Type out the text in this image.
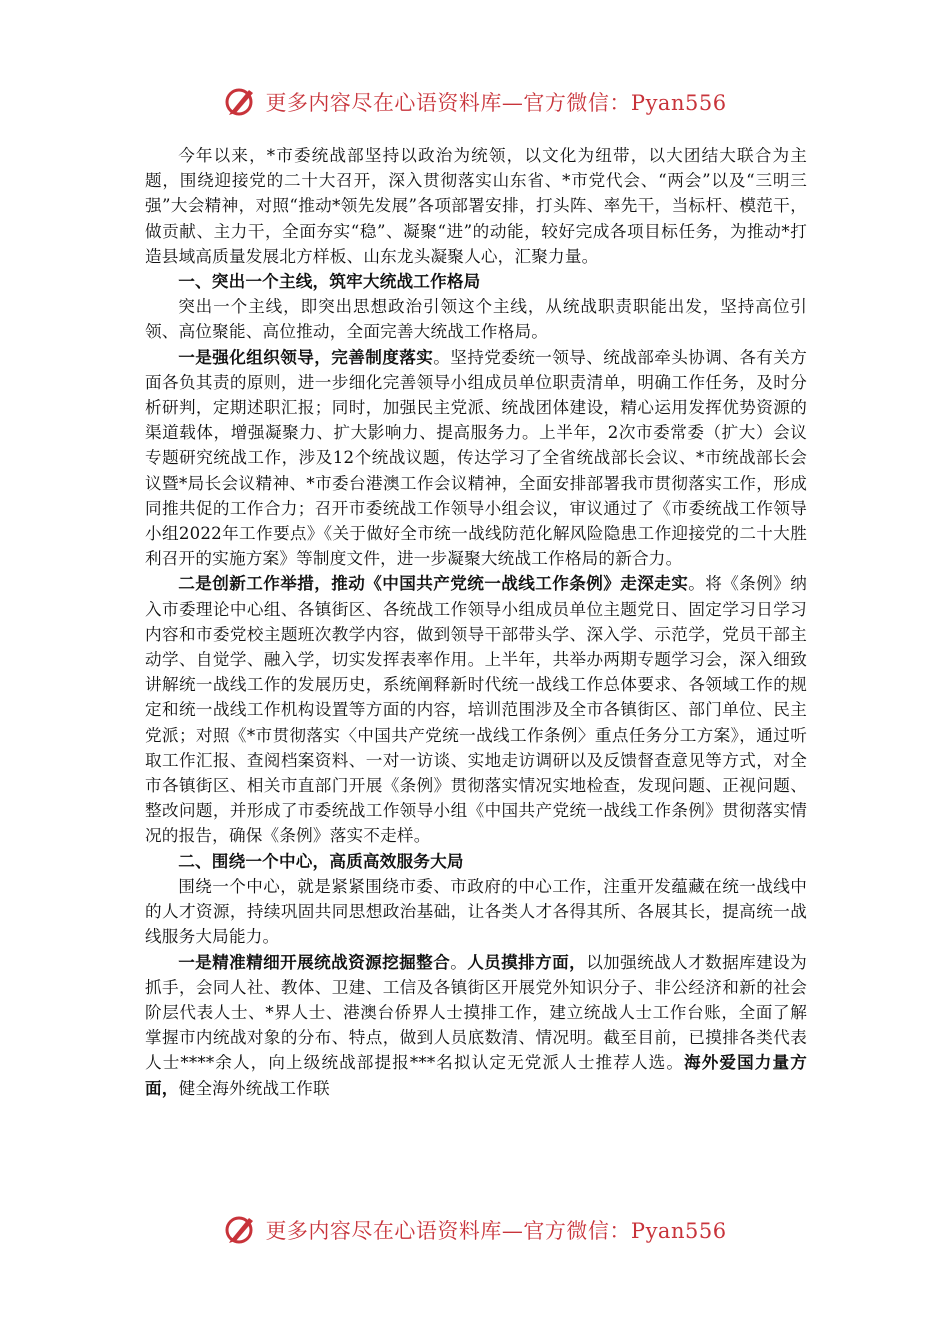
更多内容尽在心语资料库—官方微信：Pyan556

今年以来，*市委统战部坚持以政治为统领，以文化为纽带，以大团结大联合为主题，围绕迎接党的二十大召开，深入贯彻落实山东省、*市党代会、“两会”以及“三明三强”大会精神，对照“推动*领先发展”各项部署安排，打头阵、率先干，当标杆、模范干，做贡献、主力干，全面夯实“稳”、凝聚“进”的动能，较好完成各项目标任务，为推动*打造县域高质量发展北方样板、山东龙头凝聚人心，汇聚力量。

一、突出一个主线，筑牢大统战工作格局

突出一个主线，即突出思想政治引领这个主线，从统战职责职能出发，坚持高位引领、高位聚能、高位推动，全面完善大统战工作格局。

一是强化组织领导，完善制度落实。坚持党委统一领导、统战部牵头协调、各有关方面各负其责的原则，进一步细化完善领导小组成员单位职责清单，明确工作任务，及时分析研判，定期述职汇报；同时，加强民主党派、统战团体建设，精心运用发挥优势资源的渠道载体，增强凝聚力、扩大影响力、提高服务力。上半年，2次市委常委（扩大）会议专题研究统战工作，涉及12个统战议题，传达学习了全省统战部长会议、*市统战部长会议暨*局长会议精神、*市委台港澳工作会议精神，全面安排部署我市贯彻落实工作，形成同推共促的工作合力；召开市委统战工作领导小组会议，审议通过了《市委统战工作领导小组2022年工作要点》《关于做好全市统一战线防范化解风险隐患工作迎接党的二十大胜利召开的实施方案》等制度文件，进一步凝聚大统战工作格局的新合力。

二是创新工作举措，推动《中国共产党统一战线工作条例》走深走实。将《条例》纳入市委理论中心组、各镇街区、各统战工作领导小组成员单位主题党日、固定学习日学习内容和市委党校主题班次教学内容，做到领导干部带头学、深入学、示范学，党员干部主动学、自觉学、融入学，切实发挥表率作用。上半年，共举办两期专题学习会，深入细致讲解统一战线工作的发展历史，系统阐释新时代统一战线工作总体要求、各领域工作的规定和统一战线工作机构设置等方面的内容，培训范围涉及全市各镇街区、部门单位、民主党派；对照《*市贯彻落实〈中国共产党统一战线工作条例〉重点任务分工方案》，通过听取工作汇报、查阅档案资料、一对一访谈、实地走访调研以及反馈督查意见等方式，对全市各镇街区、相关市直部门开展《条例》贯彻落实情况实地检查，发现问题、正视问题、整改问题，并形成了市委统战工作领导小组《中国共产党统一战线工作条例》贯彻落实情况的报告，确保《条例》落实不走样。

二、围绕一个中心，高质高效服务大局

围绕一个中心，就是紧紧围绕市委、市政府的中心工作，注重开发蕴藏在统一战线中的人才资源，持续巩固共同思想政治基础，让各类人才各得其所、各展其长，提高统一战线服务大局能力。

一是精准精细开展统战资源挖掘整合。人员摸排方面，以加强统战人才数据库建设为抓手，会同人社、教体、卫建、工信及各镇街区开展党外知识分子、非公经济和新的社会阶层代表人士、*界人士、港澳台侨界人士摸排工作，建立统战人士工作台账，全面了解掌握市内统战对象的分布、特点，做到人员底数清、情况明。截至目前，已摸排各类代表人士****余人，向上级统战部提报***名拟认定无党派人士推荐人选。海外爱国力量方面，健全海外统战工作联

更多内容尽在心语资料库—官方微信：Pyan556
